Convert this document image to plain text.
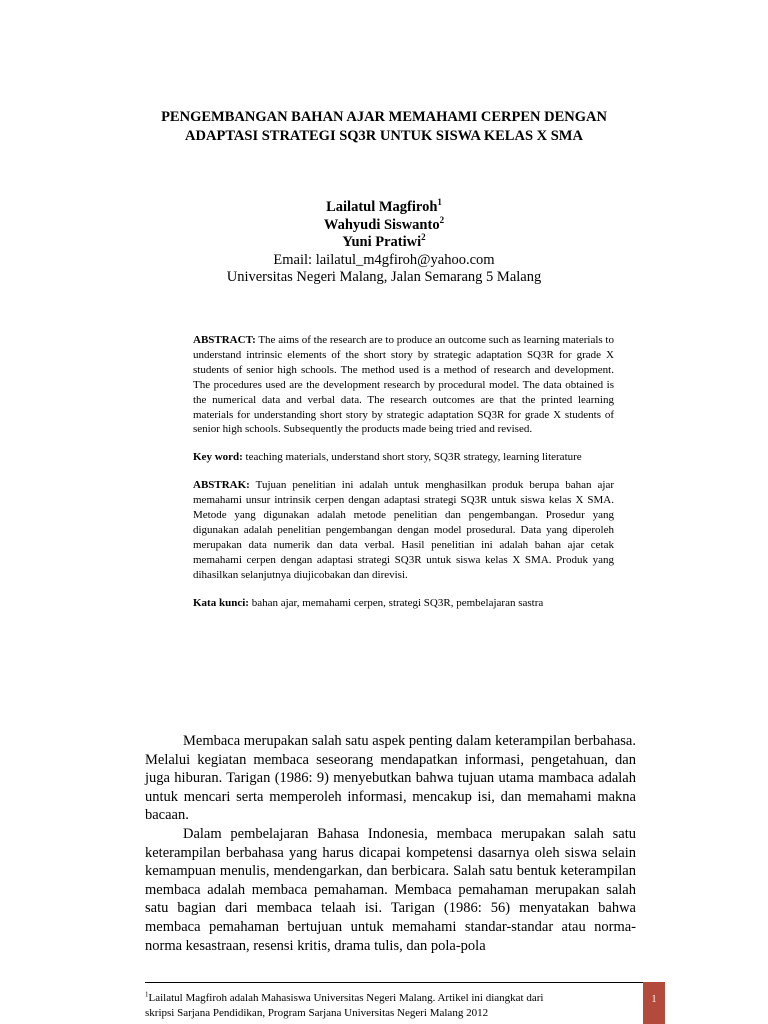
PENGEMBANGAN BAHAN AJAR MEMAHAMI CERPEN DENGAN
ADAPTASI STRATEGI SQ3R UNTUK SISWA KELAS X SMA
Lailatul Magfiroh$^1$
Wahyudi Siswanto$^2$
Yuni Pratiwi$^2$
Email: lailatul_m4gfiroh@yahoo.com
Universitas Negeri Malang, Jalan Semarang 5 Malang

ABSTRACT: The aims of the research are to produce an outcome such as learning materials to understand intrinsic elements of the short story by strategic adaptation SQ3R for grade X students of senior high schools. The method used is a method of research and development. The procedures used are the development research by procedural model. The data obtained is the numerical data and verbal data. The research outcomes are that the printed learning materials for understanding short story by strategic adaptation SQ3R for grade X students of senior high schools. Subsequently the products made being tried and revised.

Key word: teaching materials, understand short story, SQ3R strategy, learning literature

ABSTRAK: Tujuan penelitian ini adalah untuk menghasilkan produk berupa bahan ajar memahami unsur intrinsik cerpen dengan adaptasi strategi SQ3R untuk siswa kelas X SMA. Metode yang digunakan adalah metode penelitian dan pengembangan. Prosedur yang digunakan adalah penelitian pengembangan dengan model prosedural. Data yang diperoleh merupakan data numerik dan data verbal. Hasil penelitian ini adalah bahan ajar cetak memahami cerpen dengan adaptasi strategi SQ3R untuk siswa kelas X SMA. Produk yang dihasilkan selanjutnya diujicobakan dan direvisi.

Kata kunci: bahan ajar, memahami cerpen, strategi SQ3R, pembelajaran sastra

Membaca merupakan salah satu aspek penting dalam keterampilan berbahasa. Melalui kegiatan membaca seseorang mendapatkan informasi, pengetahuan, dan juga hiburan. Tarigan (1986: 9) menyebutkan bahwa tujuan utama mambaca adalah untuk mencari serta memperoleh informasi, mencakup isi, dan memahami makna bacaan.

Dalam pembelajaran Bahasa Indonesia, membaca merupakan salah satu keterampilan berbahasa yang harus dicapai kompetensi dasarnya oleh siswa selain kemampuan menulis, mendengarkan, dan berbicara. Salah satu bentuk keterampilan membaca adalah membaca pemahaman. Membaca pemahaman merupakan salah satu bagian dari membaca telaah isi. Tarigan (1986: 56) menyatakan bahwa membaca pemahaman bertujuan untuk memahami standar-standar atau norma-norma kesastraan, resensi kritis, drama tulis, dan pola-pola

$^1$Lailatul Magfiroh adalah Mahasiswa Universitas Negeri Malang. Artikel ini diangkat dari
skripsi Sarjana Pendidikan, Program Sarjana Universitas Negeri Malang 2012
1
